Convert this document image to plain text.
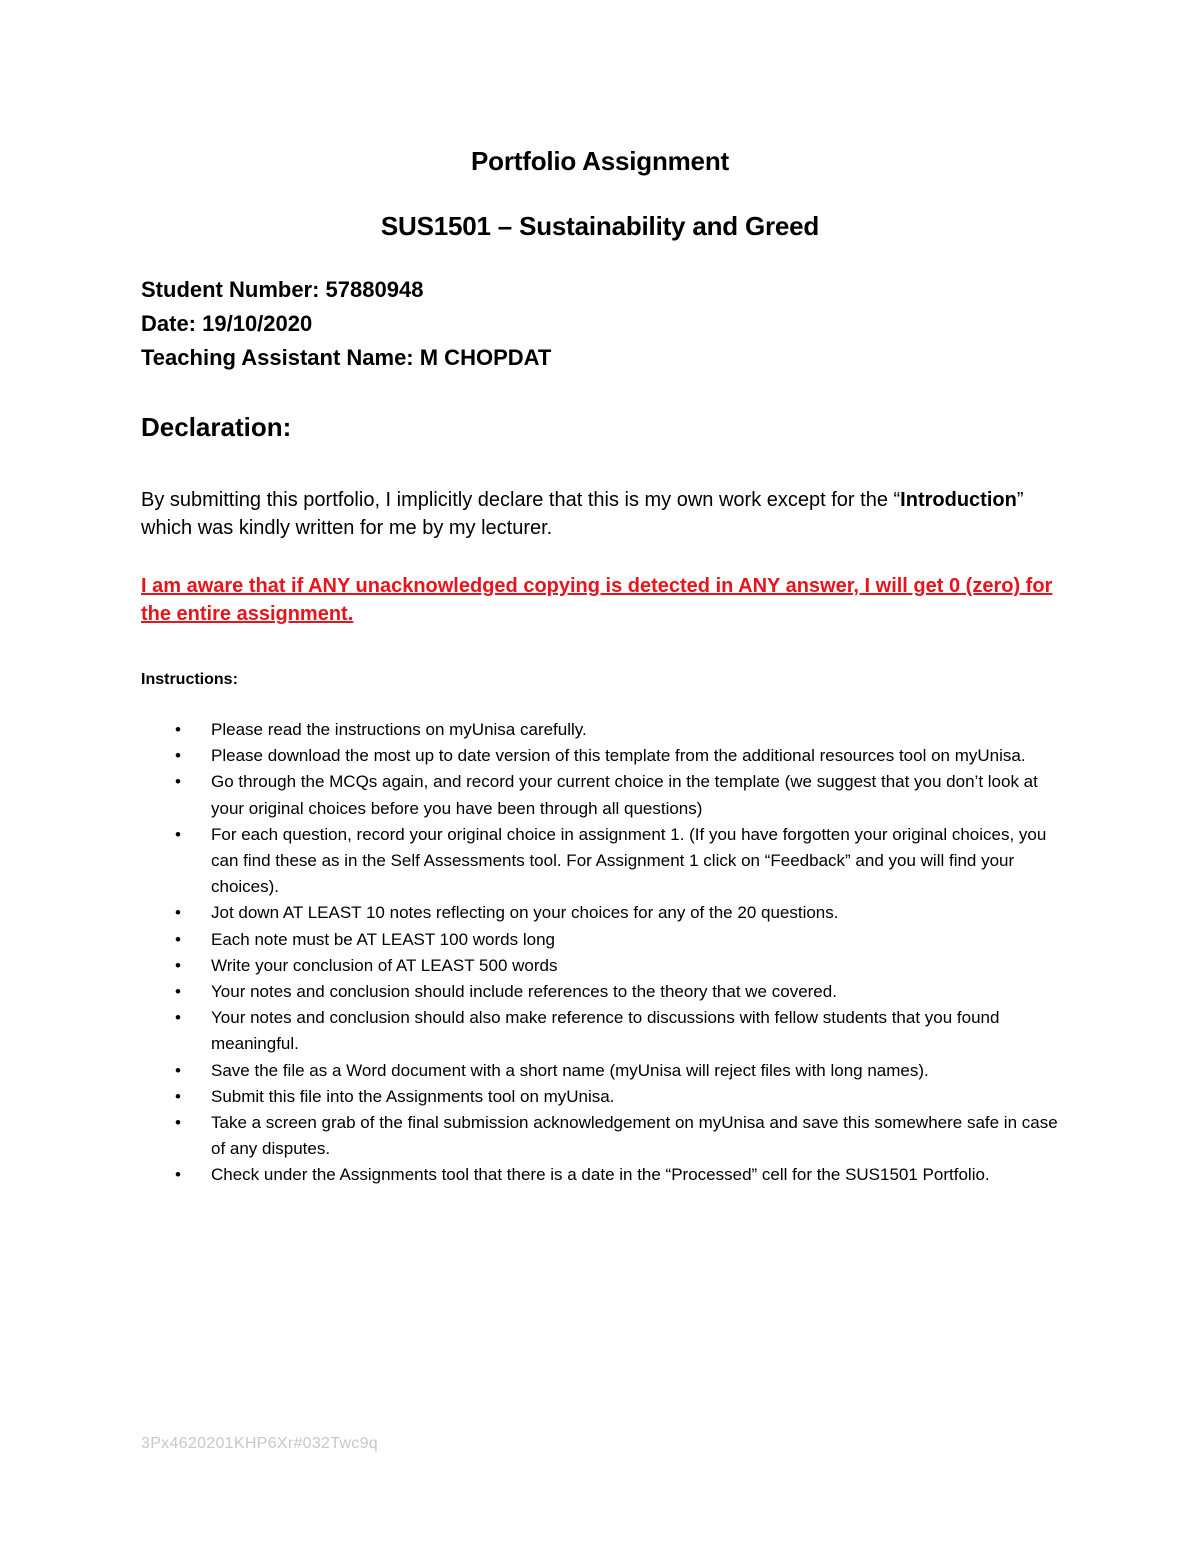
Portfolio Assignment
SUS1501 – Sustainability and Greed
Student Number: 57880948
Date: 19/10/2020
Teaching Assistant Name: M CHOPDAT
Declaration:
By submitting this portfolio, I implicitly declare that this is my own work except for the “Introduction” which was kindly written for me by my lecturer.
I am aware that if ANY unacknowledged copying is detected in ANY answer, I will get 0 (zero) for the entire assignment.
Instructions:
• Please read the instructions on myUnisa carefully.
• Please download the most up to date version of this template from the additional resources tool on myUnisa.
• Go through the MCQs again, and record your current choice in the template (we suggest that you don’t look at your original choices before you have been through all questions)
• For each question, record your original choice in assignment 1. (If you have forgotten your original choices, you can find these as in the Self Assessments tool. For Assignment 1 click on “Feedback” and you will find your choices).
• Jot down AT LEAST 10 notes reflecting on your choices for any of the 20 questions.
• Each note must be AT LEAST 100 words long
• Write your conclusion of AT LEAST 500 words
• Your notes and conclusion should include references to the theory that we covered.
• Your notes and conclusion should also make reference to discussions with fellow students that you found meaningful.
• Save the file as a Word document with a short name (myUnisa will reject files with long names).
• Submit this file into the Assignments tool on myUnisa.
• Take a screen grab of the final submission acknowledgement on myUnisa and save this somewhere safe in case of any disputes.
• Check under the Assignments tool that there is a date in the “Processed” cell for the SUS1501 Portfolio.
3Px4620201KHP6Xr#032Twc9q
